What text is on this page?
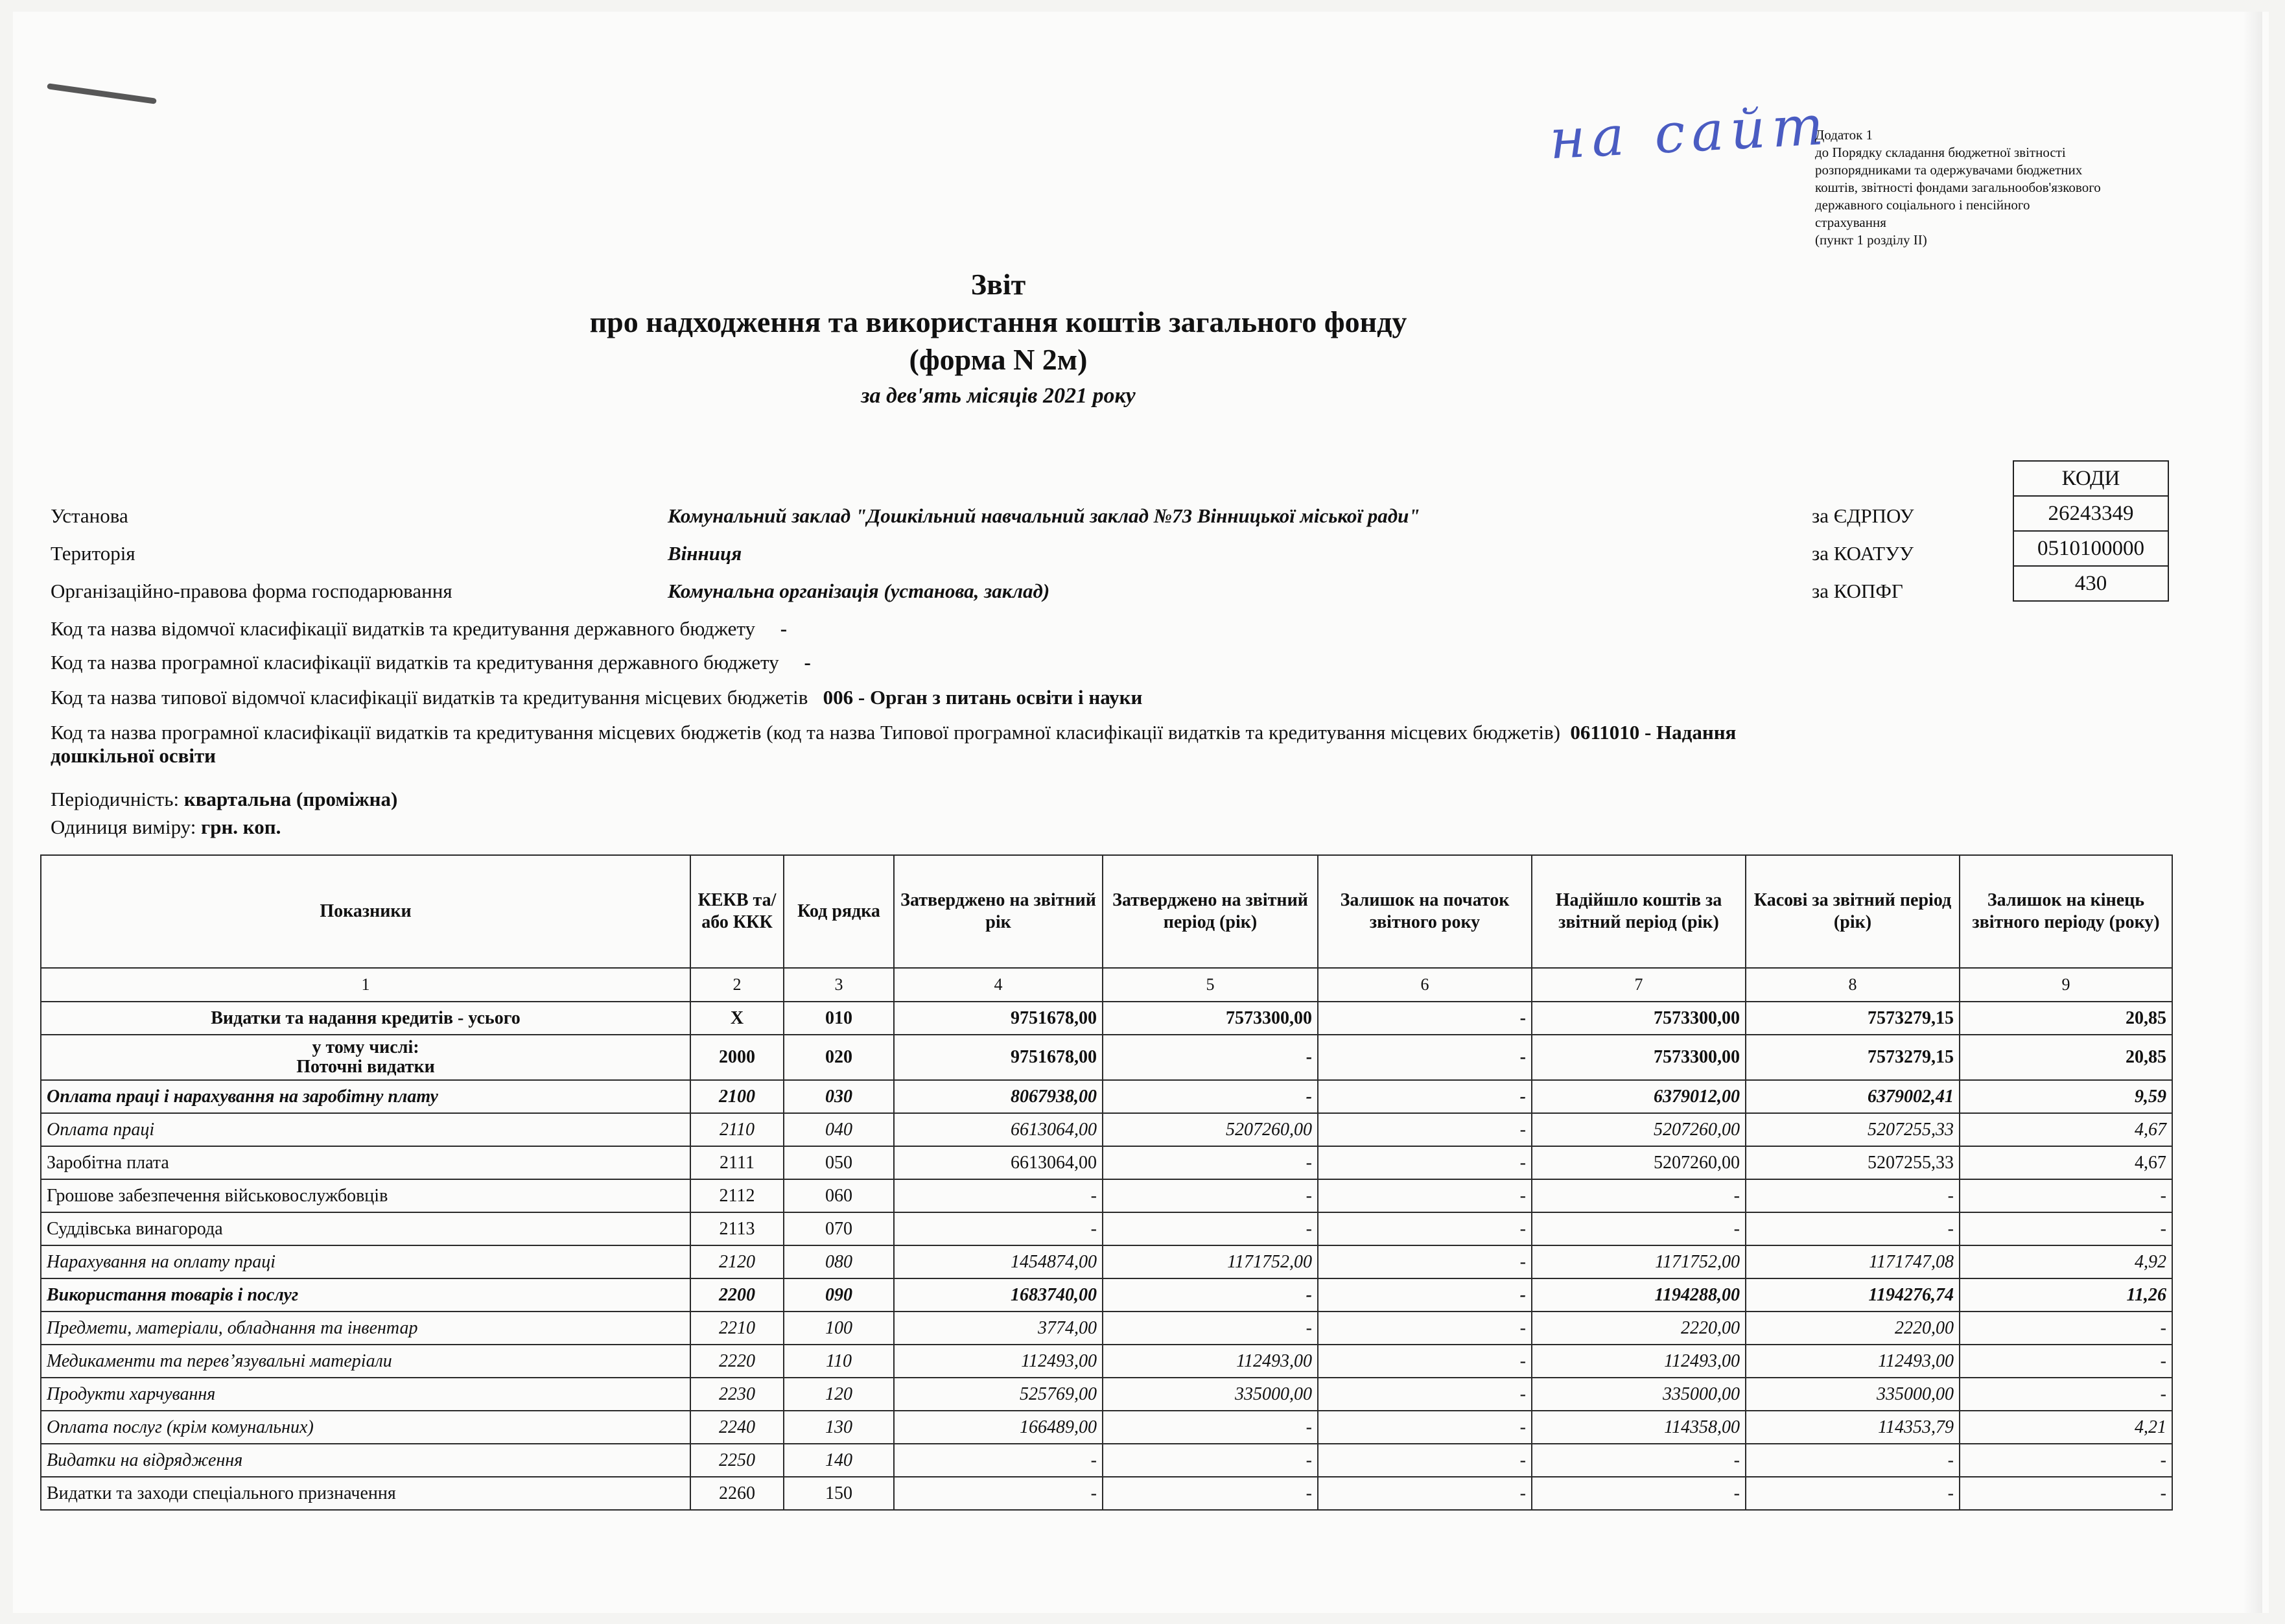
на сайт
Додаток 1
до Порядку складання бюджетної звітності
розпорядниками та одержувачами бюджетних
коштів, звітності фондами загальнообов'язкового
державного соціального і пенсійного
страхування
(пункт 1 розділу II)
Звіт
про надходження та використання коштів загального фонду
(форма N 2м)
за дев'ять місяців 2021 року
КОДИ
26243349
0510100000
430
Установа	Комунальний заклад "Дошкільний навчальний заклад №73 Вінницької міської ради"	за ЄДРПОУ
Територія	Вінниця	за КОАТУУ
Організаційно-правова форма господарювання	Комунальна організація (установа, заклад)	за КОПФГ
Код та назва відомчої класифікації видатків та кредитування державного бюджету -
Код та назва програмної класифікації видатків та кредитування державного бюджету -
Код та назва типової відомчої класифікації видатків та кредитування місцевих бюджетів 006 - Орган з питань освіти і науки
Код та назва програмної класифікації видатків та кредитування місцевих бюджетів (код та назва Типової програмної класифікації видатків та кредитування місцевих бюджетів) 0611010 - Надання дошкільної освіти
Періодичність: квартальна (проміжна)
Одиниця виміру: грн. коп.
Показники	КЕКВ та/або ККК	Код рядка	Затверджено на звітний рік	Затверджено на звітний період (рік)	Залишок на початок звітного року	Надійшло коштів за звітний період (рік)	Касові за звітний період (рік)	Залишок на кінець звітного періоду (року)
1	2	3	4	5	6	7	8	9
Видатки та надання кредитів - усього	X	010	9751678,00	7573300,00	-	7573300,00	7573279,15	20,85
у тому числі:
Поточні видатки	2000	020	9751678,00	-	-	7573300,00	7573279,15	20,85
Оплата праці і нарахування на заробітну плату	2100	030	8067938,00	-	-	6379012,00	6379002,41	9,59
Оплата праці	2110	040	6613064,00	5207260,00	-	5207260,00	5207255,33	4,67
Заробітна плата	2111	050	6613064,00	-	-	5207260,00	5207255,33	4,67
Грошове забезпечення військовослужбовців	2112	060	-	-	-	-	-	-
Суддівська винагорода	2113	070	-	-	-	-	-	-
Нарахування на оплату праці	2120	080	1454874,00	1171752,00	-	1171752,00	1171747,08	4,92
Використання товарів і послуг	2200	090	1683740,00	-	-	1194288,00	1194276,74	11,26
Предмети, матеріали, обладнання та інвентар	2210	100	3774,00	-	-	2220,00	2220,00	-
Медикаменти та перев’язувальні матеріали	2220	110	112493,00	112493,00	-	112493,00	112493,00	-
Продукти харчування	2230	120	525769,00	335000,00	-	335000,00	335000,00	-
Оплата послуг (крім комунальних)	2240	130	166489,00	-	-	114358,00	114353,79	4,21
Видатки на відрядження	2250	140	-	-	-	-	-	-
Видатки та заходи спеціального призначення	2260	150	-	-	-	-	-	-
